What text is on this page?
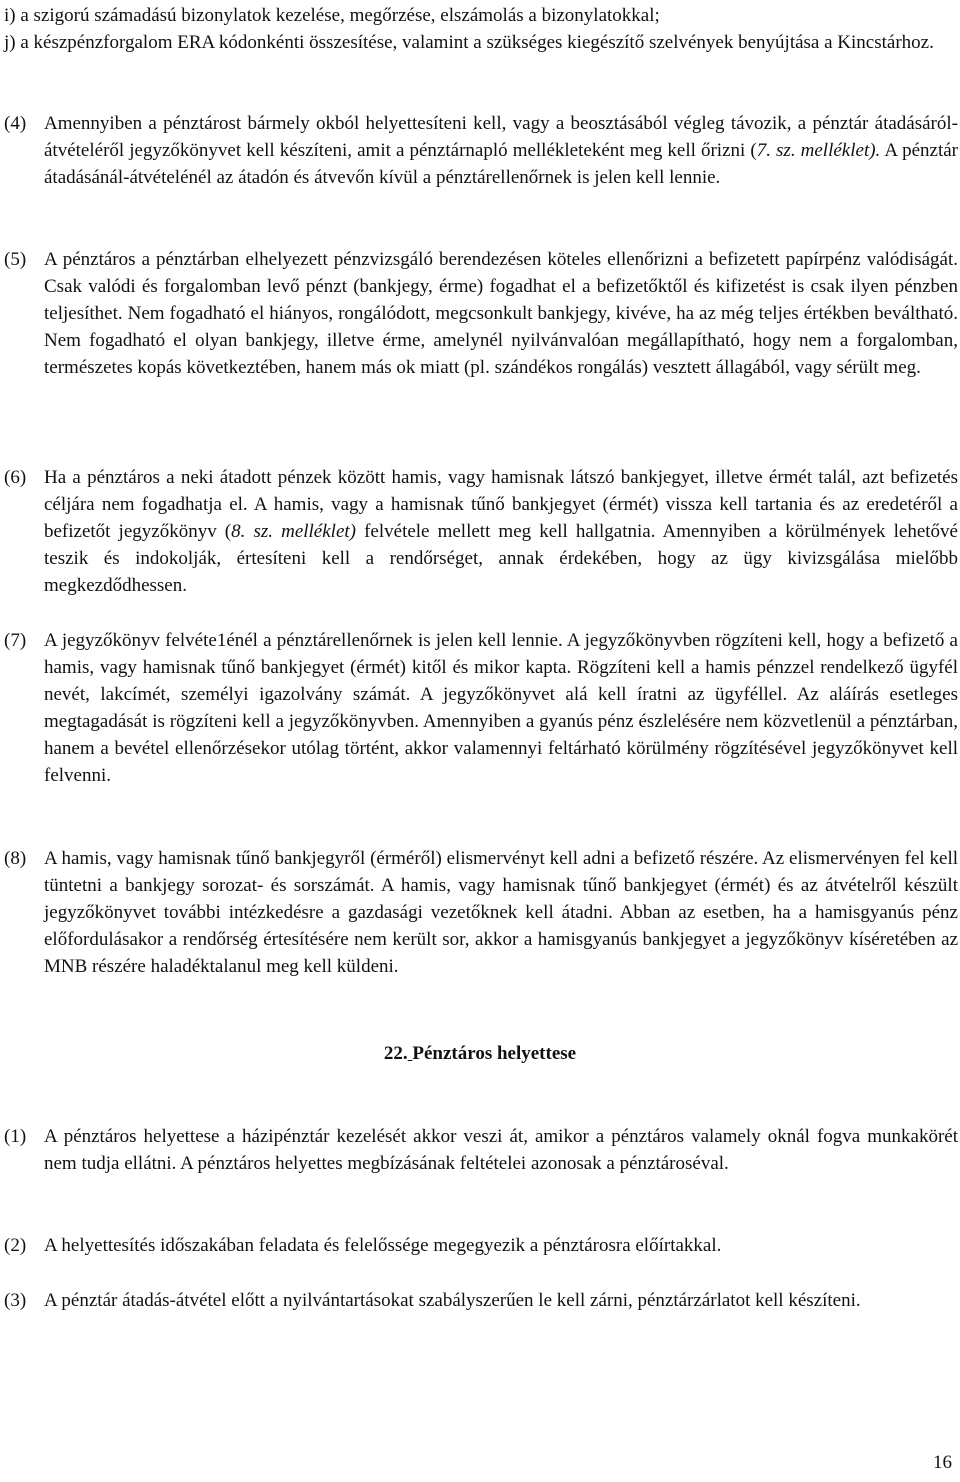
i) a szigorú számadású bizonylatok kezelése, megőrzése, elszámolás a bizonylatokkal;

j) a készpénzforgalom ERA kódonkénti összesítése, valamint a szükséges kiegészítő szelvények benyújtása a Kincstárhoz.

(4) Amennyiben a pénztárost bármely okból helyettesíteni kell, vagy a beosztásából végleg távozik, a pénztár átadásáról-átvételéről jegyzőkönyvet kell készíteni, amit a pénztárnapló mellékleteként meg kell őrizni (7. sz. melléklet). A pénztár átadásánál-átvételénél az átadón és átvevőn kívül a pénztárellenőrnek is jelen kell lennie.
(5) A pénztáros a pénztárban elhelyezett pénzvizsgáló berendezésen köteles ellenőrizni a befizetett papírpénz valódiságát. Csak valódi és forgalomban levő pénzt (bankjegy, érme) fogadhat el a befizetőktől és kifizetést is csak ilyen pénzben teljesíthet. Nem fogadható el hiányos, rongálódott, megcsonkult bankjegy, kivéve, ha az még teljes értékben beváltható. Nem fogadható el olyan bankjegy, illetve érme, amelynél nyilvánvalóan megállapítható, hogy nem a forgalomban, természetes kopás következtében, hanem más ok miatt (pl. szándékos rongálás) vesztett állagából, vagy sérült meg.
(6) Ha a pénztáros a neki átadott pénzek között hamis, vagy hamisnak látszó bankjegyet, illetve érmét talál, azt befizetés céljára nem fogadhatja el. A hamis, vagy a hamisnak tűnő bankjegyet (érmét) vissza kell tartania és az eredetéről a befizetőt jegyzőkönyv (8. sz. melléklet) felvétele mellett meg kell hallgatnia. Amennyiben a körülmények lehetővé teszik és indokolják, értesíteni kell a rendőrséget, annak érdekében, hogy az ügy kivizsgálása mielőbb megkezdődhessen.
(7) A jegyzőkönyv felvéte1énél a pénztárellenőrnek is jelen kell lennie. A jegyzőkönyvben rögzíteni kell, hogy a befizető a hamis, vagy hamisnak tűnő bankjegyet (érmét) kitől és mikor kapta. Rögzíteni kell a hamis pénzzel rendelkező ügyfél nevét, lakcímét, személyi igazolvány számát. A jegyzőkönyvet alá kell íratni az ügyféllel. Az aláírás esetleges megtagadását is rögzíteni kell a jegyzőkönyvben. Amennyiben a gyanús pénz észlelésére nem közvetlenül a pénztárban, hanem a bevétel ellenőrzésekor utólag történt, akkor valamennyi feltárható körülmény rögzítésével jegyzőkönyvet kell felvenni.
(8) A hamis, vagy hamisnak tűnő bankjegyről (érméről) elismervényt kell adni a befizető részére. Az elismervényen fel kell tüntetni a bankjegy sorozat- és sorszámát. A hamis, vagy hamisnak tűnő bankjegyet (érmét) és az átvételről készült jegyzőkönyvet további intézkedésre a gazdasági vezetőknek kell átadni. Abban az esetben, ha a hamisgyanús pénz előfordulásakor a rendőrség értesítésére nem került sor, akkor a hamisgyanús bankjegyet a jegyzőkönyv kíséretében az MNB részére haladéktalanul meg kell küldeni.
22. Pénztáros helyettese
(1) A pénztáros helyettese a házipénztár kezelését akkor veszi át, amikor a pénztáros valamely oknál fogva munkakörét nem tudja ellátni. A pénztáros helyettes megbízásának feltételei azonosak a pénztároséval.
(2) A helyettesítés időszakában feladata és felelőssége megegyezik a pénztárosra előírtakkal.
(3) A pénztár átadás-átvétel előtt a nyilvántartásokat szabályszerűen le kell zárni, pénztárzárlatot kell készíteni.
16
